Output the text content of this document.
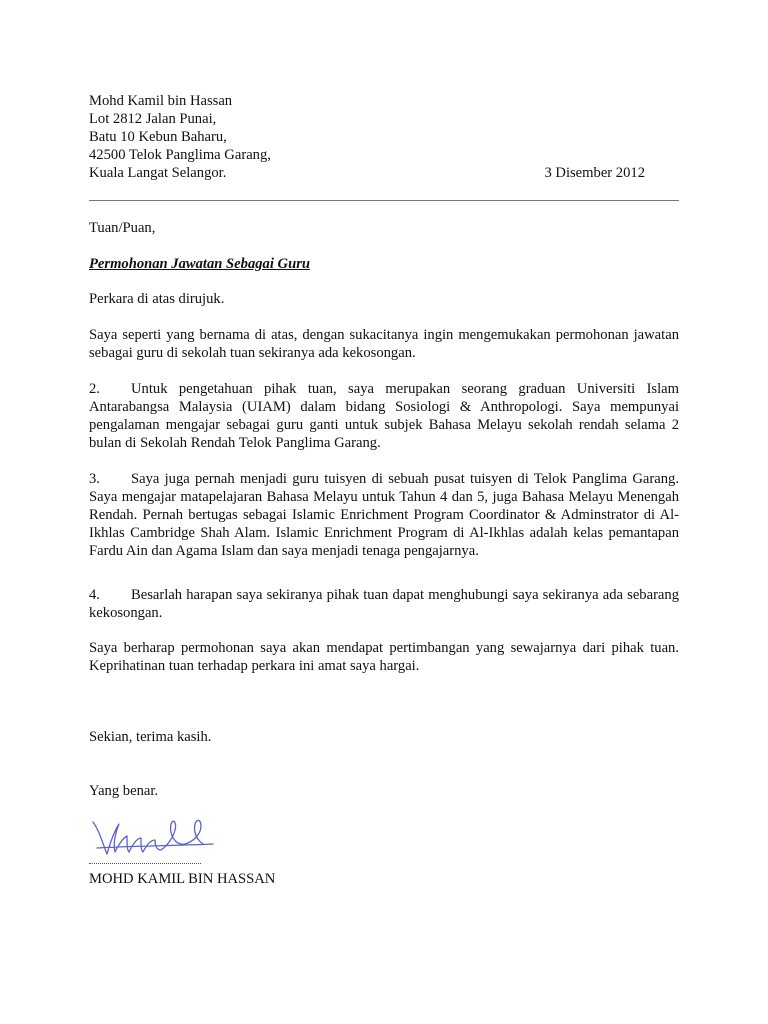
Mohd Kamil bin Hassan
Lot 2812 Jalan Punai,
Batu 10 Kebun Baharu,
42500 Telok Panglima Garang,
Kuala Langat Selangor.	3 Disember 2012

Tuan/Puan,

Permohonan Jawatan Sebagai Guru

Perkara di atas dirujuk.

Saya seperti yang bernama di atas, dengan sukacitanya ingin mengemukakan permohonan jawatan sebagai guru di sekolah tuan sekiranya ada kekosongan.

2. Untuk pengetahuan pihak tuan, saya merupakan seorang graduan Universiti Islam Antarabangsa Malaysia (UIAM) dalam bidang Sosiologi & Anthropologi. Saya mempunyai pengalaman mengajar sebagai guru ganti untuk subjek Bahasa Melayu sekolah rendah selama 2 bulan di Sekolah Rendah Telok Panglima Garang.

3. Saya juga pernah menjadi guru tuisyen di sebuah pusat tuisyen di Telok Panglima Garang. Saya mengajar matapelajaran Bahasa Melayu untuk Tahun 4 dan 5, juga Bahasa Melayu Menengah Rendah. Pernah bertugas sebagai Islamic Enrichment Program Coordinator & Adminstrator di Al-Ikhlas Cambridge Shah Alam. Islamic Enrichment Program di Al-Ikhlas adalah kelas pemantapan Fardu Ain dan Agama Islam dan saya menjadi tenaga pengajarnya.

4. Besarlah harapan saya sekiranya pihak tuan dapat menghubungi saya sekiranya ada sebarang kekosongan.

Saya berharap permohonan saya akan mendapat pertimbangan yang sewajarnya dari pihak tuan. Keprihatinan tuan terhadap perkara ini amat saya hargai.

Sekian, terima kasih.

Yang benar.

MOHD KAMIL BIN HASSAN
